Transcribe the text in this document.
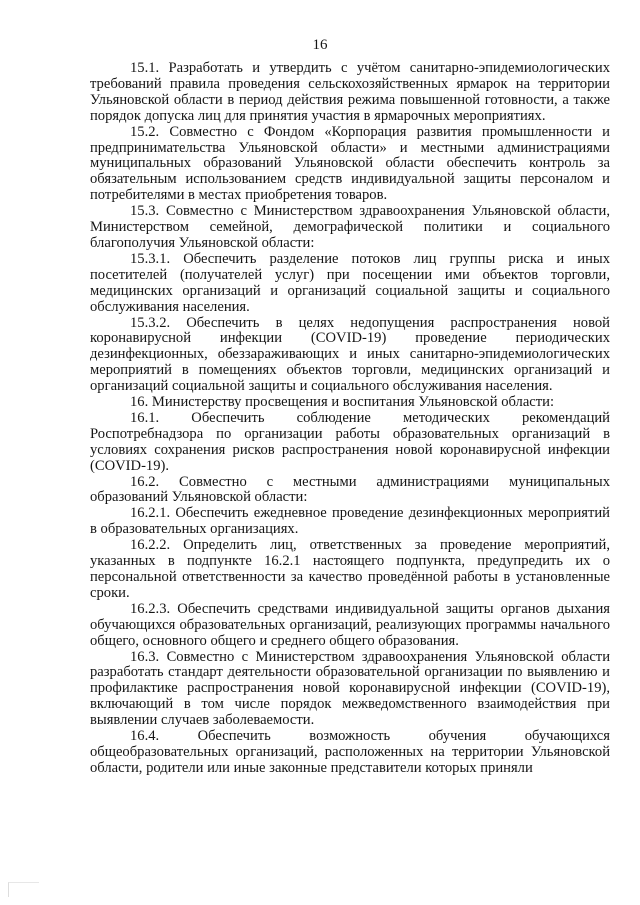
16

15.1. Разработать и утвердить с учётом санитарно-эпидемиологических требований правила проведения сельскохозяйственных ярмарок на территории Ульяновской области в период действия режима повышенной готовности, а также порядок допуска лиц для принятия участия в ярмарочных мероприятиях.

15.2. Совместно с Фондом «Корпорация развития промышленности и предпринимательства Ульяновской области» и местными администрациями муниципальных образований Ульяновской области обеспечить контроль за обязательным использованием средств индивидуальной защиты персоналом и потребителями в местах приобретения товаров.

15.3. Совместно с Министерством здравоохранения Ульяновской области, Министерством семейной, демографической политики и социального благополучия Ульяновской области:

15.3.1. Обеспечить разделение потоков лиц группы риска и иных посетителей (получателей услуг) при посещении ими объектов торговли, медицинских организаций и организаций социальной защиты и социального обслуживания населения.

15.3.2. Обеспечить в целях недопущения распространения новой коронавирусной инфекции (COVID-19) проведение периодических дезинфекционных, обеззараживающих и иных санитарно-эпидемиологических мероприятий в помещениях объектов торговли, медицинских организаций и организаций социальной защиты и социального обслуживания населения.

16. Министерству просвещения и воспитания Ульяновской области:

16.1. Обеспечить соблюдение методических рекомендаций Роспотребнадзора по организации работы образовательных организаций в условиях сохранения рисков распространения новой коронавирусной инфекции (COVID-19).

16.2. Совместно с местными администрациями муниципальных образований Ульяновской области:

16.2.1. Обеспечить ежедневное проведение дезинфекционных мероприятий в образовательных организациях.

16.2.2. Определить лиц, ответственных за проведение мероприятий, указанных в подпункте 16.2.1 настоящего подпункта, предупредить их о персональной ответственности за качество проведённой работы в установленные сроки.

16.2.3. Обеспечить средствами индивидуальной защиты органов дыхания обучающихся образовательных организаций, реализующих программы начального общего, основного общего и среднего общего образования.

16.3. Совместно с Министерством здравоохранения Ульяновской области разработать стандарт деятельности образовательной организации по выявлению и профилактике распространения новой коронавирусной инфекции (COVID-19), включающий в том числе порядок межведомственного взаимодействия при выявлении случаев заболеваемости.

16.4. Обеспечить возможность обучения обучающихся общеобразовательных организаций, расположенных на территории Ульяновской области, родители или иные законные представители которых приняли
